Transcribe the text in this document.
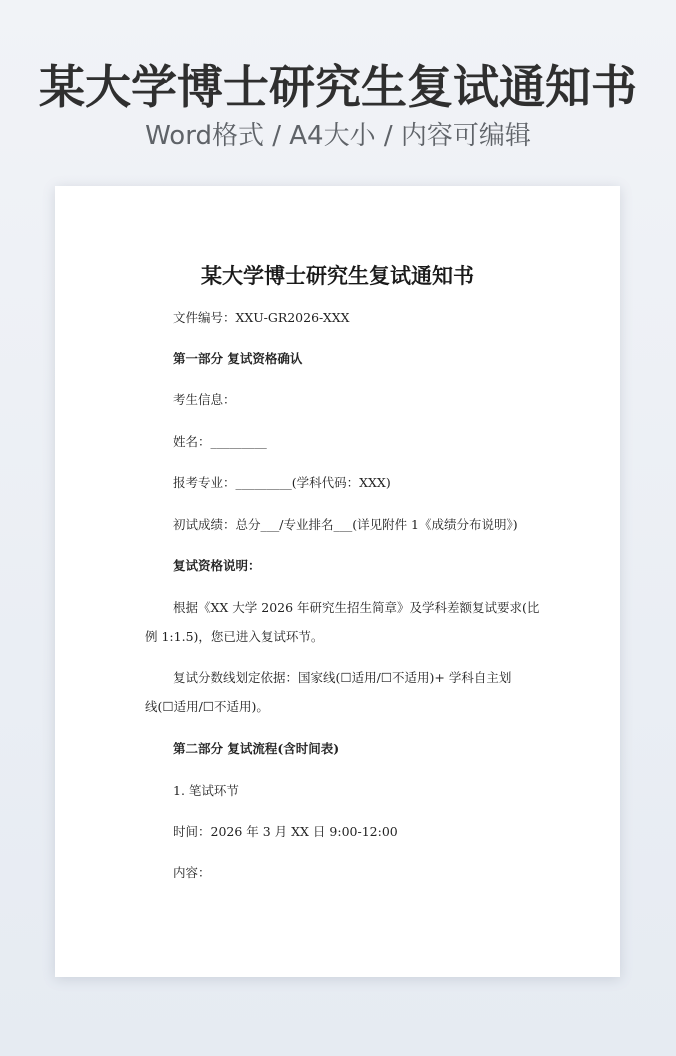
某大学博士研究生复试通知书
Word格式 / A4大小 / 内容可编辑
某大学博士研究生复试通知书
文件编号：XXU-GR2026-XXX
第一部分 复试资格确认
考生信息：
姓名：_________
报考专业：_________(学科代码：XXX)
初试成绩：总分___/专业排名___(详见附件 1《成绩分布说明》)
复试资格说明：
根据《XX 大学 2026 年研究生招生简章》及学科差额复试要求(比
例 1:1.5)，您已进入复试环节。
复试分数线划定依据：国家线(☐适用/☐不适用)+ 学科自主划
线(☐适用/☐不适用)。
第二部分 复试流程(含时间表)
1. 笔试环节
时间：2026 年 3 月 XX 日 9:00-12:00
内容：
